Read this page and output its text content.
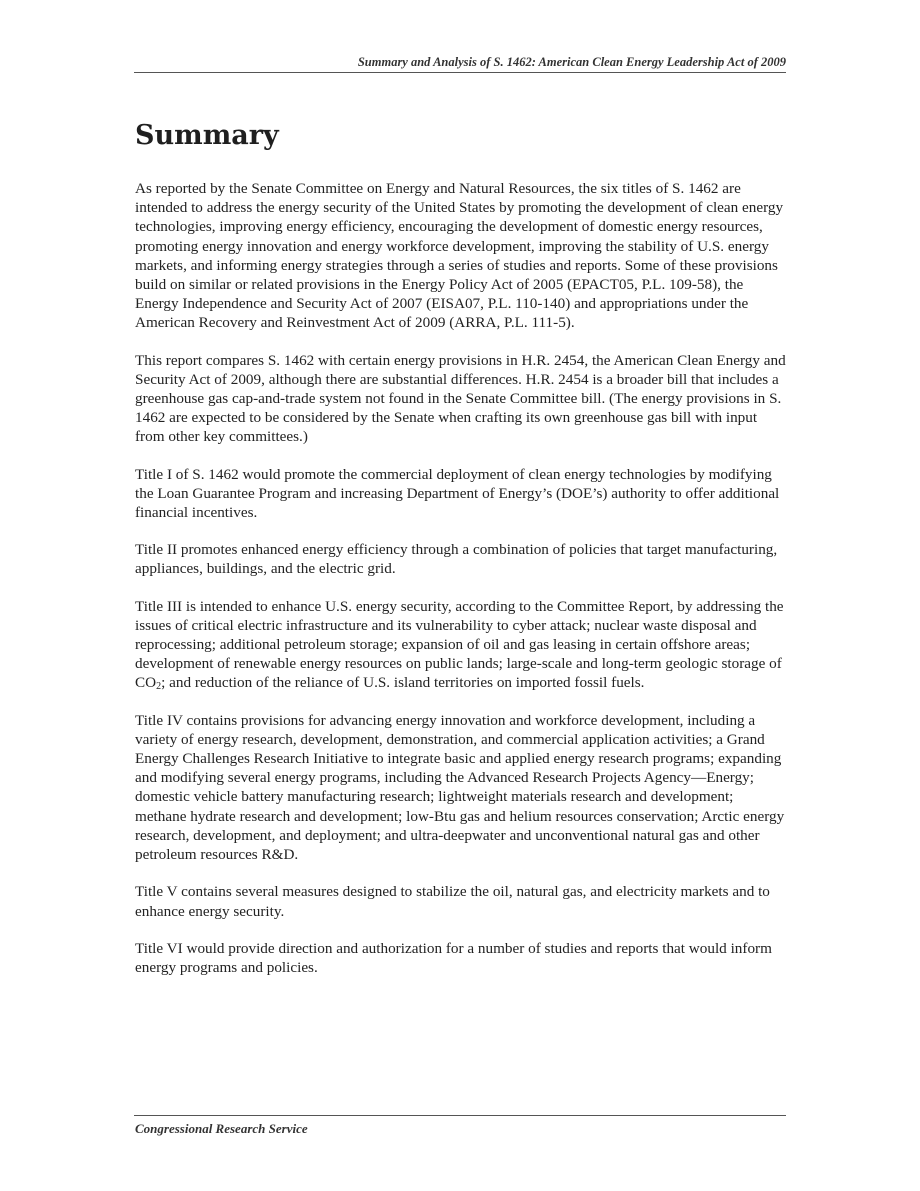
Summary and Analysis of S. 1462: American Clean Energy Leadership Act of 2009
Summary

As reported by the Senate Committee on Energy and Natural Resources, the six titles of S. 1462 are intended to address the energy security of the United States by promoting the development of clean energy technologies, improving energy efficiency, encouraging the development of domestic energy resources, promoting energy innovation and energy workforce development, improving the stability of U.S. energy markets, and informing energy strategies through a series of studies and reports. Some of these provisions build on similar or related provisions in the Energy Policy Act of 2005 (EPACT05, P.L. 109-58), the Energy Independence and Security Act of 2007 (EISA07, P.L. 110-140) and appropriations under the American Recovery and Reinvestment Act of 2009 (ARRA, P.L. 111-5).

This report compares S. 1462 with certain energy provisions in H.R. 2454, the American Clean Energy and Security Act of 2009, although there are substantial differences. H.R. 2454 is a broader bill that includes a greenhouse gas cap-and-trade system not found in the Senate Committee bill. (The energy provisions in S. 1462 are expected to be considered by the Senate when crafting its own greenhouse gas bill with input from other key committees.)

Title I of S. 1462 would promote the commercial deployment of clean energy technologies by modifying the Loan Guarantee Program and increasing Department of Energy’s (DOE’s) authority to offer additional financial incentives.

Title II promotes enhanced energy efficiency through a combination of policies that target manufacturing, appliances, buildings, and the electric grid.

Title III is intended to enhance U.S. energy security, according to the Committee Report, by addressing the issues of critical electric infrastructure and its vulnerability to cyber attack; nuclear waste disposal and reprocessing; additional petroleum storage; expansion of oil and gas leasing in certain offshore areas; development of renewable energy resources on public lands; large-scale and long-term geologic storage of $CO_2$; and reduction of the reliance of U.S. island territories on imported fossil fuels.

Title IV contains provisions for advancing energy innovation and workforce development, including a variety of energy research, development, demonstration, and commercial application activities; a Grand Energy Challenges Research Initiative to integrate basic and applied energy research programs; expanding and modifying several energy programs, including the Advanced Research Projects Agency—Energy; domestic vehicle battery manufacturing research; lightweight materials research and development; methane hydrate research and development; low-Btu gas and helium resources conservation; Arctic energy research, development, and deployment; and ultra-deepwater and unconventional natural gas and other petroleum resources R&D.

Title V contains several measures designed to stabilize the oil, natural gas, and electricity markets and to enhance energy security.

Title VI would provide direction and authorization for a number of studies and reports that would inform energy programs and policies.

Congressional Research Service
